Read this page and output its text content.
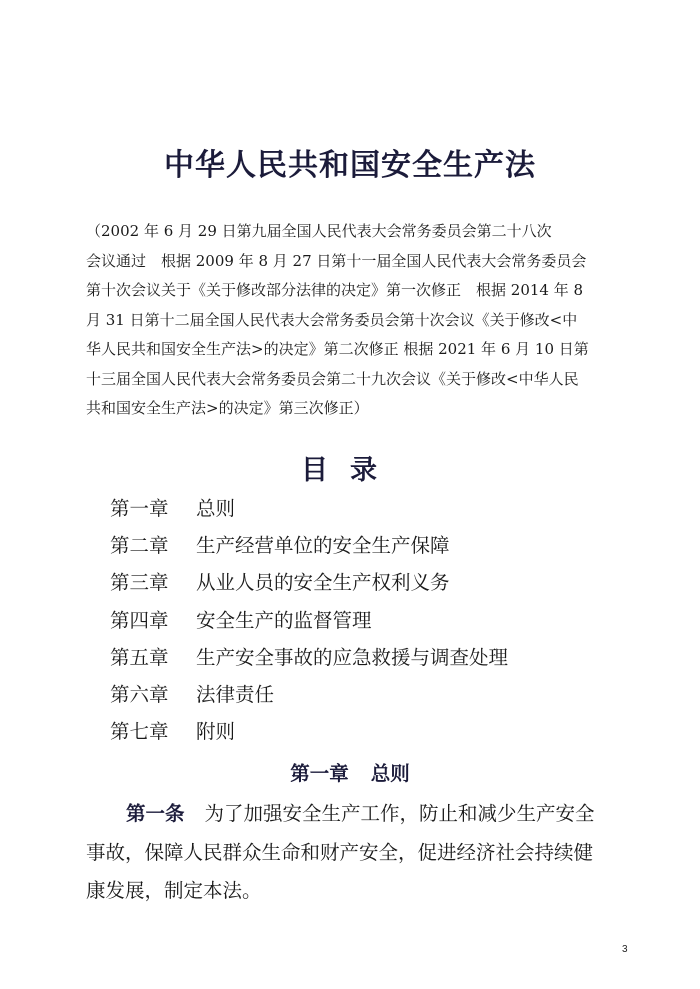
中华人民共和国安全生产法
（2002 年 6 月 29 日第九届全国人民代表大会常务委员会第二十八次
会议通过　根据 2009 年 8 月 27 日第十一届全国人民代表大会常务委员会
第十次会议关于《关于修改部分法律的决定》第一次修正　根据 2014 年 8
月 31 日第十二届全国人民代表大会常务委员会第十次会议《关于修改<中
华人民共和国安全生产法>的决定》第二次修正 根据 2021 年 6 月 10 日第
十三届全国人民代表大会常务委员会第二十九次会议《关于修改<中华人民
共和国安全生产法>的决定》第三次修正）
目录
第一章	总则
第二章	生产经营单位的安全生产保障
第三章	从业人员的安全生产权利义务
第四章	安全生产的监督管理
第五章	生产安全事故的应急救援与调查处理
第六章	法律责任
第七章	附则
第一章 总则
第一条 为了加强安全生产工作，防止和减少生产安全
事故，保障人民群众生命和财产安全，促进经济社会持续健
康发展，制定本法。
3
